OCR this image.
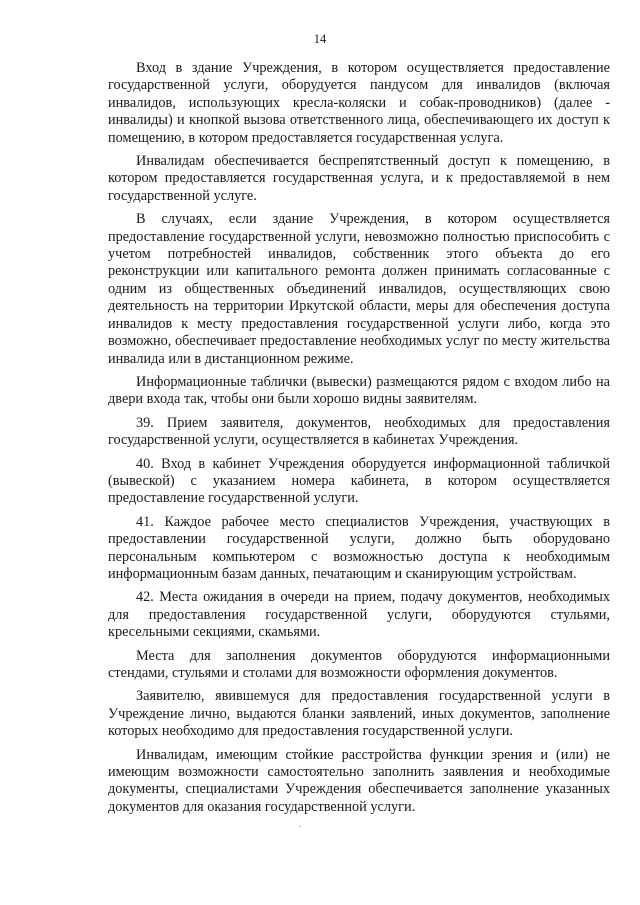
14

Вход в здание Учреждения, в котором осуществляется предоставление государственной услуги, оборудуется пандусом для инвалидов (включая инвалидов, использующих кресла-коляски и собак-проводников) (далее - инвалиды) и кнопкой вызова ответственного лица, обеспечивающего их доступ к помещению, в котором предоставляется государственная услуга.

Инвалидам обеспечивается беспрепятственный доступ к помещению, в котором предоставляется государственная услуга, и к предоставляемой в нем государственной услуге.

В случаях, если здание Учреждения, в котором осуществляется предоставление государственной услуги, невозможно полностью приспособить с учетом потребностей инвалидов, собственник этого объекта до его реконструкции или капитального ремонта должен принимать согласованные с одним из общественных объединений инвалидов, осуществляющих свою деятельность на территории Иркутской области, меры для обеспечения доступа инвалидов к месту предоставления государственной услуги либо, когда это возможно, обеспечивает предоставление необходимых услуг по месту жительства инвалида или в дистанционном режиме.

Информационные таблички (вывески) размещаются рядом с входом либо на двери входа так, чтобы они были хорошо видны заявителям.

39. Прием заявителя, документов, необходимых для предоставления государственной услуги, осуществляется в кабинетах Учреждения.

40. Вход в кабинет Учреждения оборудуется информационной табличкой (вывеской) с указанием номера кабинета, в котором осуществляется предоставление государственной услуги.

41. Каждое рабочее место специалистов Учреждения, участвующих в предоставлении государственной услуги, должно быть оборудовано персональным компьютером с возможностью доступа к необходимым информационным базам данных, печатающим и сканирующим устройствам.

42. Места ожидания в очереди на прием, подачу документов, необходимых для предоставления государственной услуги, оборудуются стульями, кресельными секциями, скамьями.

Места для заполнения документов оборудуются информационными стендами, стульями и столами для возможности оформления документов.

Заявителю, явившемуся для предоставления государственной услуги в Учреждение лично, выдаются бланки заявлений, иных документов, заполнение которых необходимо для предоставления государственной услуги.

Инвалидам, имеющим стойкие расстройства функции зрения и (или) не имеющим возможности самостоятельно заполнить заявления и необходимые документы, специалистами Учреждения обеспечивается заполнение указанных документов для оказания государственной услуги.
